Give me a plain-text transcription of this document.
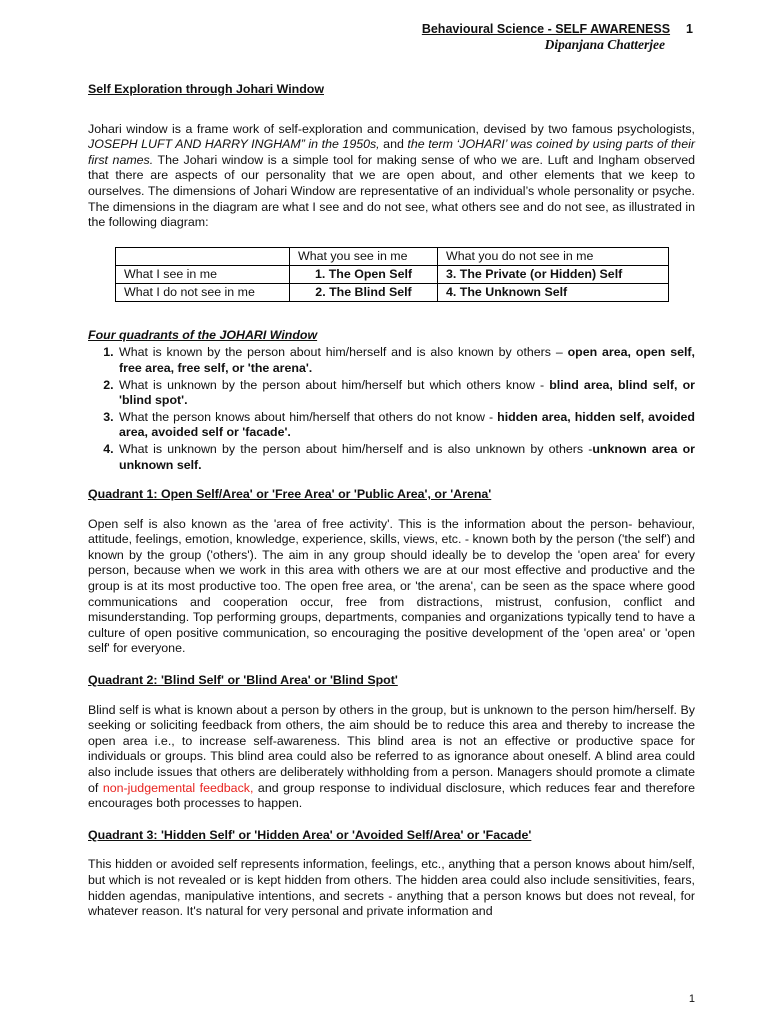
Behavioural Science - SELF AWARENESS 1
Dipanjana Chatterjee
Self Exploration through Johari Window

Johari window is a frame work of self-exploration and communication, devised by two famous psychologists, JOSEPH LUFT AND HARRY INGHAM” in the 1950s, and the term ‘JOHARI’ was coined by using parts of their first names. The Johari window is a simple tool for making sense of who we are. Luft and Ingham observed that there are aspects of our personality that we are open about, and other elements that we keep to ourselves. The dimensions of Johari Window are representative of an individual’s whole personality or psyche. The dimensions in the diagram are what I see and do not see, what others see and do not see, as illustrated in the following diagram:

	What you see in me	What you do not see in me
What I see in me	1. The Open Self	3. The Private (or Hidden) Self
What I do not see in me	2. The Blind Self	4. The Unknown Self
Four quadrants of the JOHARI Window
1. What is known by the person about him/herself and is also known by others – open area, open self, free area, free self, or 'the arena'.
2. What is unknown by the person about him/herself but which others know - blind area, blind self, or 'blind spot'.
3. What the person knows about him/herself that others do not know - hidden area, hidden self, avoided area, avoided self or 'facade'.
4. What is unknown by the person about him/herself and is also unknown by others -unknown area or unknown self.
Quadrant 1: Open Self/Area' or 'Free Area' or 'Public Area', or 'Arena'

Open self is also known as the 'area of free activity'. This is the information about the person- behaviour, attitude, feelings, emotion, knowledge, experience, skills, views, etc. - known both by the person ('the self') and known by the group ('others'). The aim in any group should ideally be to develop the 'open area' for every person, because when we work in this area with others we are at our most effective and productive and the group is at its most productive too. The open free area, or 'the arena', can be seen as the space where good communications and cooperation occur, free from distractions, mistrust, confusion, conflict and misunderstanding. Top performing groups, departments, companies and organizations typically tend to have a culture of open positive communication, so encouraging the positive development of the 'open area' or 'open self' for everyone.

Quadrant 2: 'Blind Self' or 'Blind Area' or 'Blind Spot'

Blind self is what is known about a person by others in the group, but is unknown to the person him/herself. By seeking or soliciting feedback from others, the aim should be to reduce this area and thereby to increase the open area i.e., to increase self-awareness. This blind area is not an effective or productive space for individuals or groups. This blind area could also be referred to as ignorance about oneself. A blind area could also include issues that others are deliberately withholding from a person. Managers should promote a climate of non-judgemental feedback, and group response to individual disclosure, which reduces fear and therefore encourages both processes to happen.

Quadrant 3: 'Hidden Self' or 'Hidden Area' or 'Avoided Self/Area' or 'Facade'

This hidden or avoided self represents information, feelings, etc., anything that a person knows about him/self, but which is not revealed or is kept hidden from others. The hidden area could also include sensitivities, fears, hidden agendas, manipulative intentions, and secrets - anything that a person knows but does not reveal, for whatever reason. It's natural for very personal and private information and

1
